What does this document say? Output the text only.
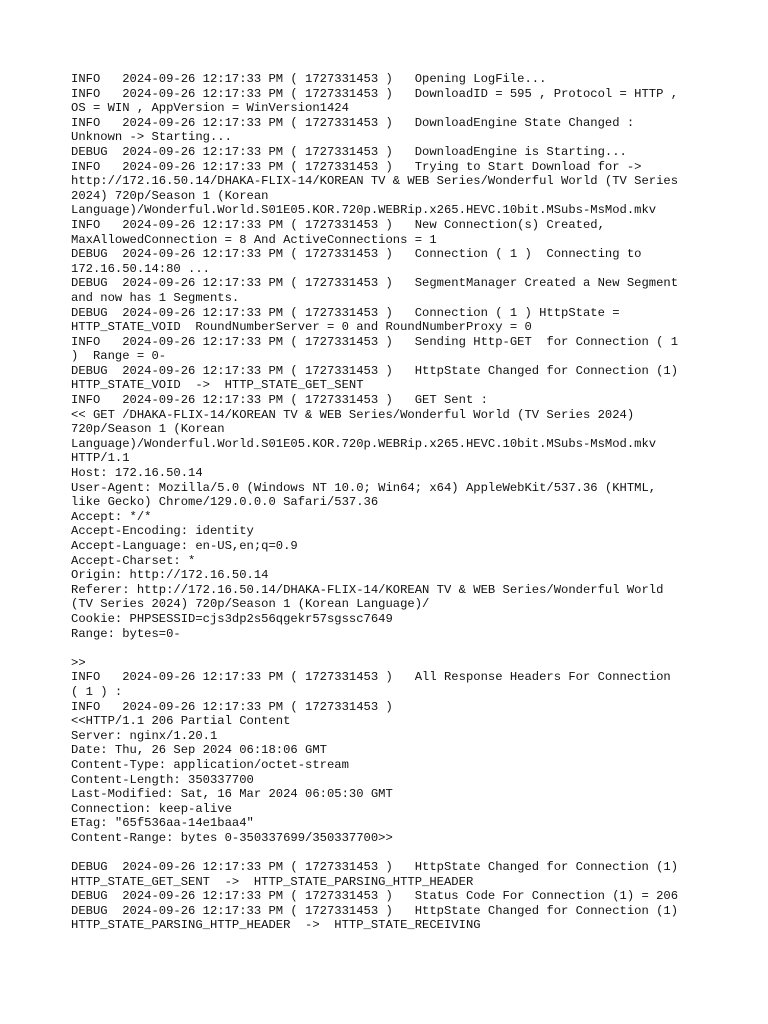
INFO   2024-09-26 12:17:33 PM ( 1727331453 )   Opening LogFile...
INFO   2024-09-26 12:17:33 PM ( 1727331453 )   DownloadID = 595 , Protocol = HTTP ,
OS = WIN , AppVersion = WinVersion1424
INFO   2024-09-26 12:17:33 PM ( 1727331453 )   DownloadEngine State Changed :
Unknown -> Starting...
DEBUG  2024-09-26 12:17:33 PM ( 1727331453 )   DownloadEngine is Starting...
INFO   2024-09-26 12:17:33 PM ( 1727331453 )   Trying to Start Download for ->
http://172.16.50.14/DHAKA-FLIX-14/KOREAN TV & WEB Series/Wonderful World (TV Series
2024) 720p/Season 1 (Korean
Language)/Wonderful.World.S01E05.KOR.720p.WEBRip.x265.HEVC.10bit.MSubs-MsMod.mkv
INFO   2024-09-26 12:17:33 PM ( 1727331453 )   New Connection(s) Created,
MaxAllowedConnection = 8 And ActiveConnections = 1
DEBUG  2024-09-26 12:17:33 PM ( 1727331453 )   Connection ( 1 )  Connecting to
172.16.50.14:80 ...
DEBUG  2024-09-26 12:17:33 PM ( 1727331453 )   SegmentManager Created a New Segment
and now has 1 Segments.
DEBUG  2024-09-26 12:17:33 PM ( 1727331453 )   Connection ( 1 ) HttpState =
HTTP_STATE_VOID  RoundNumberServer = 0 and RoundNumberProxy = 0
INFO   2024-09-26 12:17:33 PM ( 1727331453 )   Sending Http-GET  for Connection ( 1
)  Range = 0-
DEBUG  2024-09-26 12:17:33 PM ( 1727331453 )   HttpState Changed for Connection (1)
HTTP_STATE_VOID  ->  HTTP_STATE_GET_SENT
INFO   2024-09-26 12:17:33 PM ( 1727331453 )   GET Sent :
<< GET /DHAKA-FLIX-14/KOREAN TV & WEB Series/Wonderful World (TV Series 2024)
720p/Season 1 (Korean
Language)/Wonderful.World.S01E05.KOR.720p.WEBRip.x265.HEVC.10bit.MSubs-MsMod.mkv
HTTP/1.1
Host: 172.16.50.14
User-Agent: Mozilla/5.0 (Windows NT 10.0; Win64; x64) AppleWebKit/537.36 (KHTML,
like Gecko) Chrome/129.0.0.0 Safari/537.36
Accept: */*
Accept-Encoding: identity
Accept-Language: en-US,en;q=0.9
Accept-Charset: *
Origin: http://172.16.50.14
Referer: http://172.16.50.14/DHAKA-FLIX-14/KOREAN TV & WEB Series/Wonderful World
(TV Series 2024) 720p/Season 1 (Korean Language)/
Cookie: PHPSESSID=cjs3dp2s56qgekr57sgssc7649
Range: bytes=0-
>>
INFO   2024-09-26 12:17:33 PM ( 1727331453 )   All Response Headers For Connection
( 1 ) :
INFO   2024-09-26 12:17:33 PM ( 1727331453 )
<<HTTP/1.1 206 Partial Content
Server: nginx/1.20.1
Date: Thu, 26 Sep 2024 06:18:06 GMT
Content-Type: application/octet-stream
Content-Length: 350337700
Last-Modified: Sat, 16 Mar 2024 06:05:30 GMT
Connection: keep-alive
ETag: "65f536aa-14e1baa4"
Content-Range: bytes 0-350337699/350337700>>
DEBUG  2024-09-26 12:17:33 PM ( 1727331453 )   HttpState Changed for Connection (1)
HTTP_STATE_GET_SENT  ->  HTTP_STATE_PARSING_HTTP_HEADER
DEBUG  2024-09-26 12:17:33 PM ( 1727331453 )   Status Code For Connection (1) = 206
DEBUG  2024-09-26 12:17:33 PM ( 1727331453 )   HttpState Changed for Connection (1)
HTTP_STATE_PARSING_HTTP_HEADER  ->  HTTP_STATE_RECEIVING
